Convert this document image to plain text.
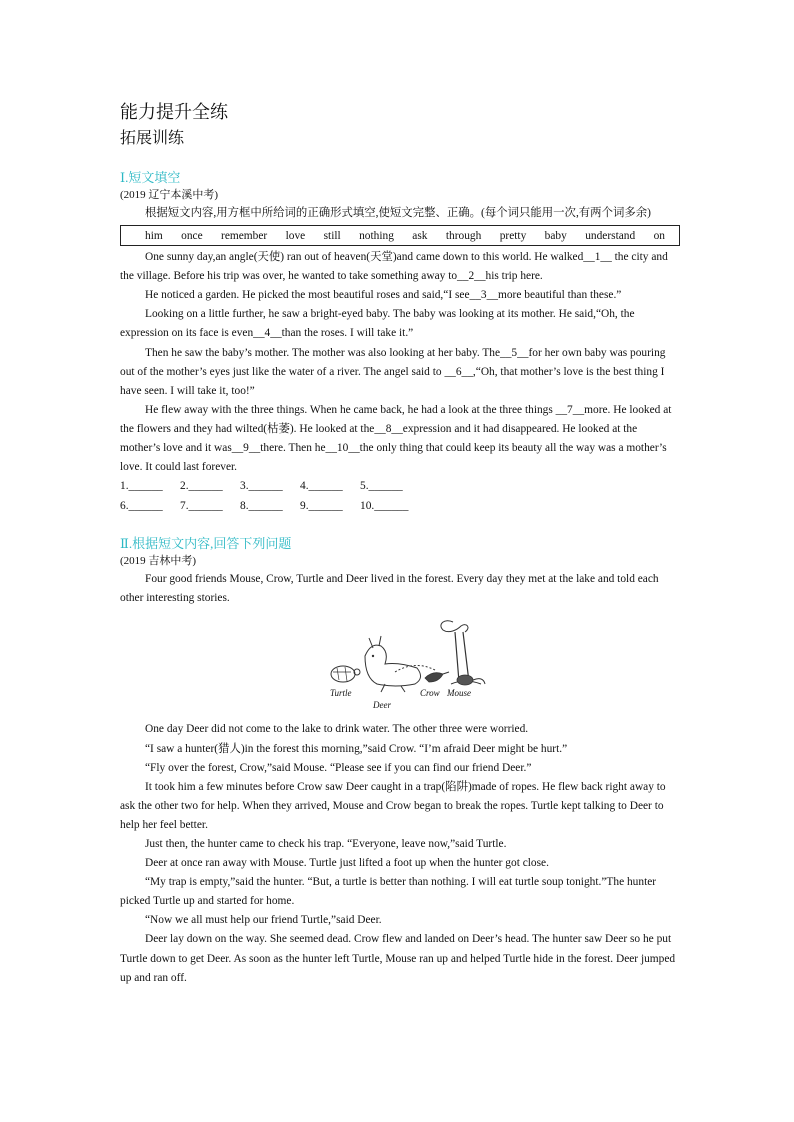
能力提升全练
拓展训练
Ⅰ.短文填空
(2019 辽宁本溪中考)

根据短文内容,用方框中所给词的正确形式填空,使短文完整、正确。(每个词只能用一次,有两个词多余)

him once remember love still nothing ask through pretty baby understand on

One sunny day,an angle(天使) ran out of heaven(天堂)and came down to this world. He walked__1__ the city and the village. Before his trip was over, he wanted to take something away to__2__his trip here.

He noticed a garden. He picked the most beautiful roses and said,“I see__3__more beautiful than these.”

Looking on a little further, he saw a bright-eyed baby. The baby was looking at its mother. He said,“Oh, the expression on its face is even__4__than the roses. I will take it.”

Then he saw the baby’s mother. The mother was also looking at her baby. The__5__for her own baby was pouring out of the mother’s eyes just like the water of a river. The angel said to __6__,“Oh, that mother’s love is the best thing I have seen. I will take it, too!”

He flew away with the three things. When he came back, he had a look at the three things __7__more. He looked at the flowers and they had wilted(枯萎). He looked at the__8__expression and it had disappeared. He looked at the mother’s love and it was__9__there. Then he__10__the only thing that could keep its beauty all the way was a mother’s love. It could last forever.

1.______	2.______	3.______	4.______	5.______
6.______	7.______	8.______	9.______	10.______
Ⅱ.根据短文内容,回答下列问题
(2019 吉林中考)

Four good friends Mouse, Crow, Turtle and Deer lived in the forest. Every day they met at the lake and told each other interesting stories.

Turtle
Deer
Crow Mouse

One day Deer did not come to the lake to drink water. The other three were worried.

“I saw a hunter(猎人)in the forest this morning,”said Crow. “I’m afraid Deer might be hurt.”

“Fly over the forest, Crow,”said Mouse. “Please see if you can find our friend Deer.”

It took him a few minutes before Crow saw Deer caught in a trap(陷阱)made of ropes. He flew back right away to ask the other two for help. When they arrived, Mouse and Crow began to break the ropes. Turtle kept talking to Deer to help her feel better.

Just then, the hunter came to check his trap. “Everyone, leave now,”said Turtle.

Deer at once ran away with Mouse. Turtle just lifted a foot up when the hunter got close.

“My trap is empty,”said the hunter. “But, a turtle is better than nothing. I will eat turtle soup tonight.”The hunter picked Turtle up and started for home.

“Now we all must help our friend Turtle,”said Deer.

Deer lay down on the way. She seemed dead. Crow flew and landed on Deer’s head. The hunter saw Deer so he put Turtle down to get Deer. As soon as the hunter left Turtle, Mouse ran up and helped Turtle hide in the forest. Deer jumped up and ran off.
